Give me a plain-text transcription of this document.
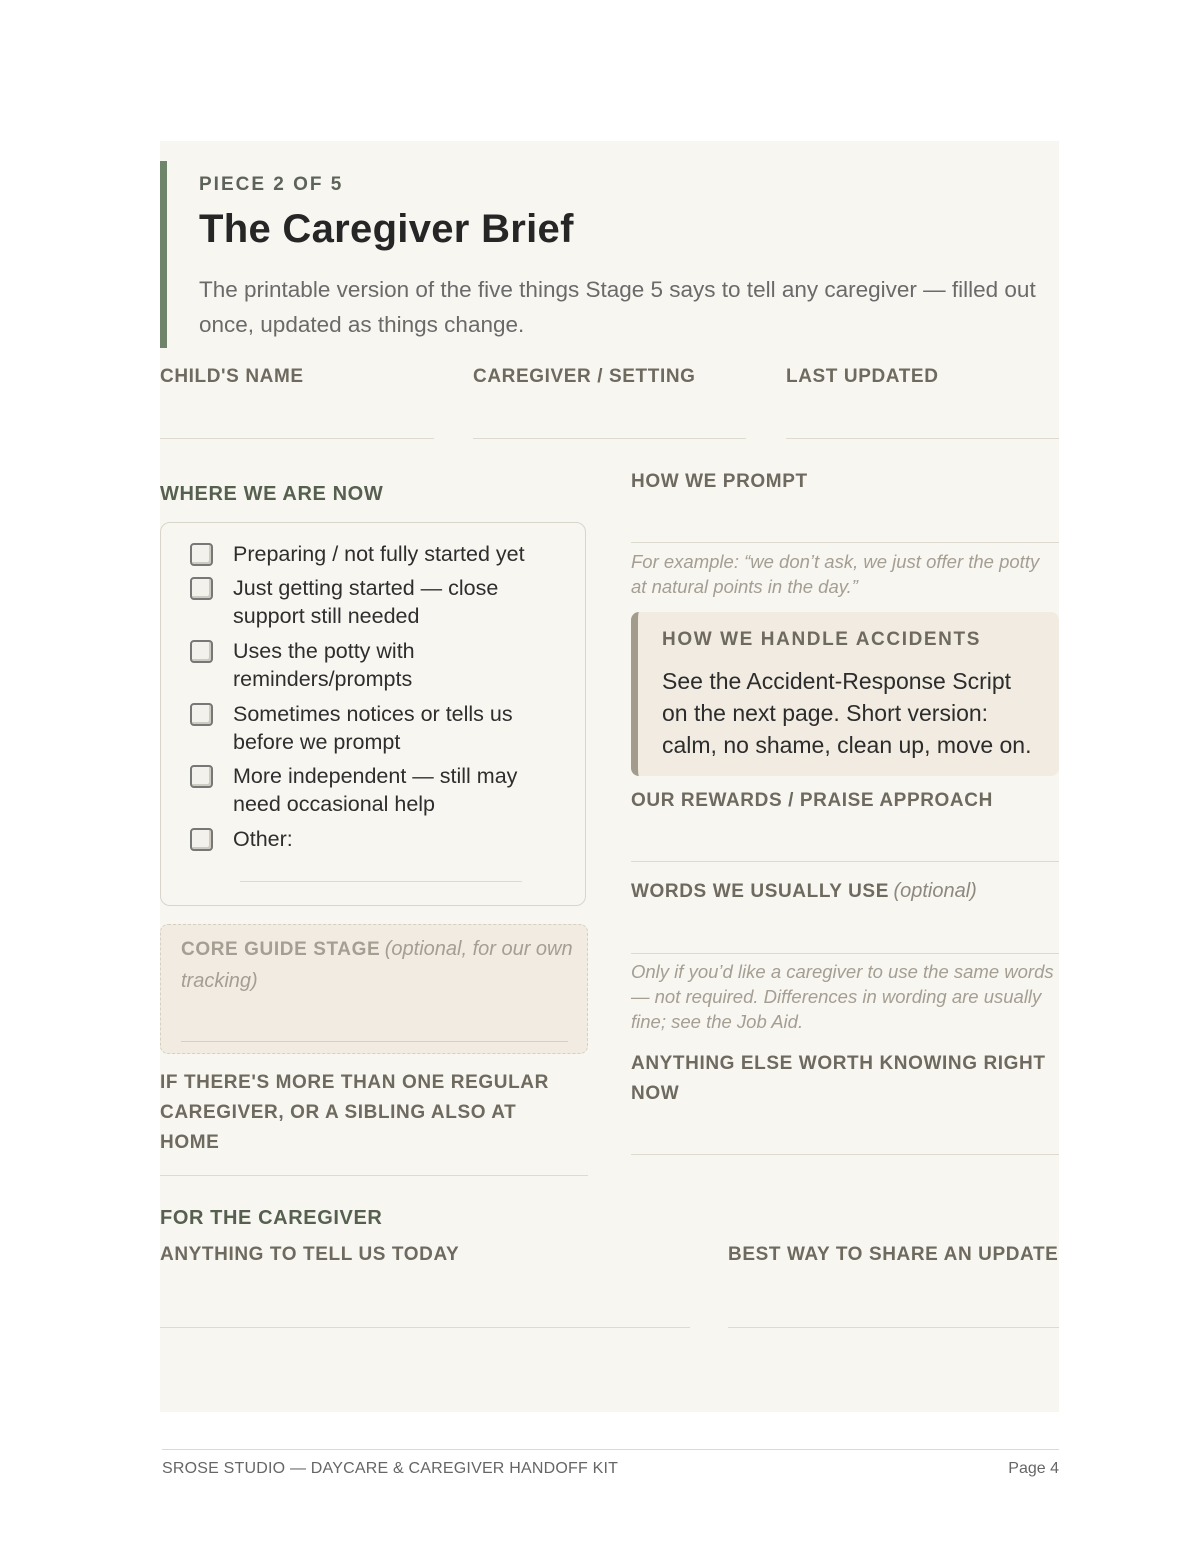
PIECE 2 OF 5
The Caregiver Brief
The printable version of the five things Stage 5 says to tell any caregiver — filled out once, updated as things change.
CHILD'S NAME	CAREGIVER / SETTING	LAST UPDATED
WHERE WE ARE NOW
Preparing / not fully started yet
Just getting started — close support still needed
Uses the potty with reminders/prompts
Sometimes notices or tells us before we prompt
More independent — still may need occasional help
Other:
CORE GUIDE STAGE (optional, for our own tracking)
IF THERE'S MORE THAN ONE REGULAR CAREGIVER, OR A SIBLING ALSO AT HOME
HOW WE PROMPT
For example: “we don’t ask, we just offer the potty at natural points in the day.”
HOW WE HANDLE ACCIDENTS
See the Accident-Response Script on the next page. Short version: calm, no shame, clean up, move on.
OUR REWARDS / PRAISE APPROACH
WORDS WE USUALLY USE (optional)
Only if you’d like a caregiver to use the same words — not required. Differences in wording are usually fine; see the Job Aid.
ANYTHING ELSE WORTH KNOWING RIGHT NOW
FOR THE CAREGIVER
ANYTHING TO TELL US TODAY	BEST WAY TO SHARE AN UPDATE
SROSE STUDIO — DAYCARE & CAREGIVER HANDOFF KIT	Page 4
